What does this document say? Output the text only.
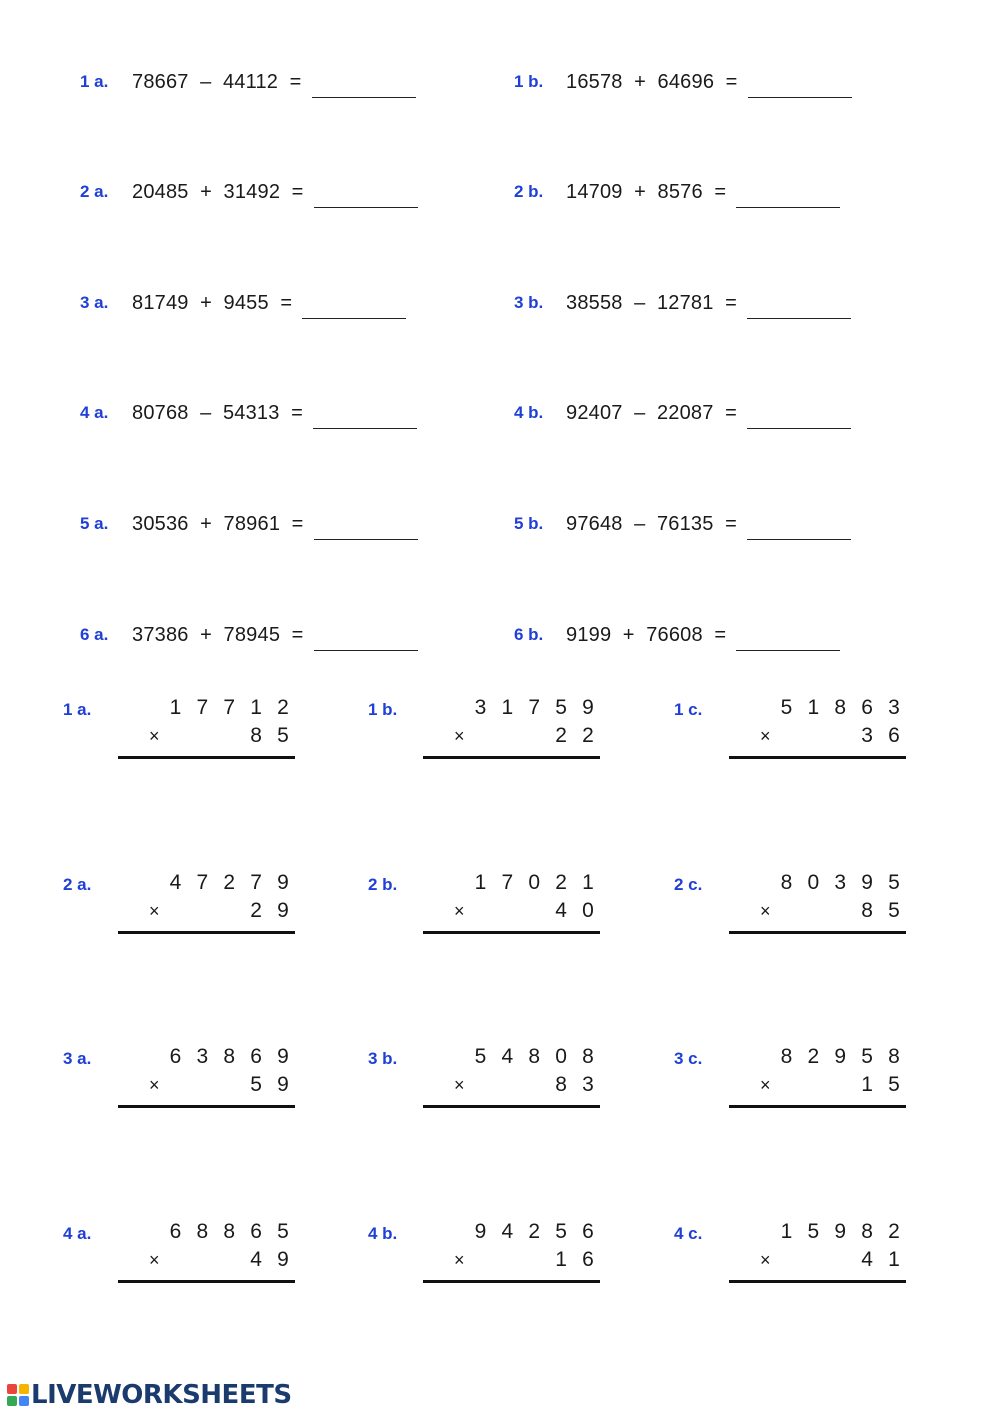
1 a.	78667  –  44112  =	1 b.	16578  +  64696  =
2 a.	20485  +  31492  =	2 b.	14709  +  8576  =
3 a.	81749  +  9455  =	3 b.	38558  –  12781  =
4 a.	80768  –  54313  =	4 b.	92407  –  22087  =
5 a.	30536  +  78961  =	5 b.	97648  –  76135  =
6 a.	37386  +  78945  =	6 b.	9199  +  76608  =
1 a.	17712
×	85
1 b.	31759
×	22
1 c.	51863
×	36
2 a.	47279
×	29
2 b.	17021
×	40
2 c.	80395
×	85
3 a.	63869
×	59
3 b.	54808
×	83
3 c.	82958
×	15
4 a.	68865
×	49
4 b.	94256
×	16
4 c.	15982
×	41
LIVEWORKSHEETS
